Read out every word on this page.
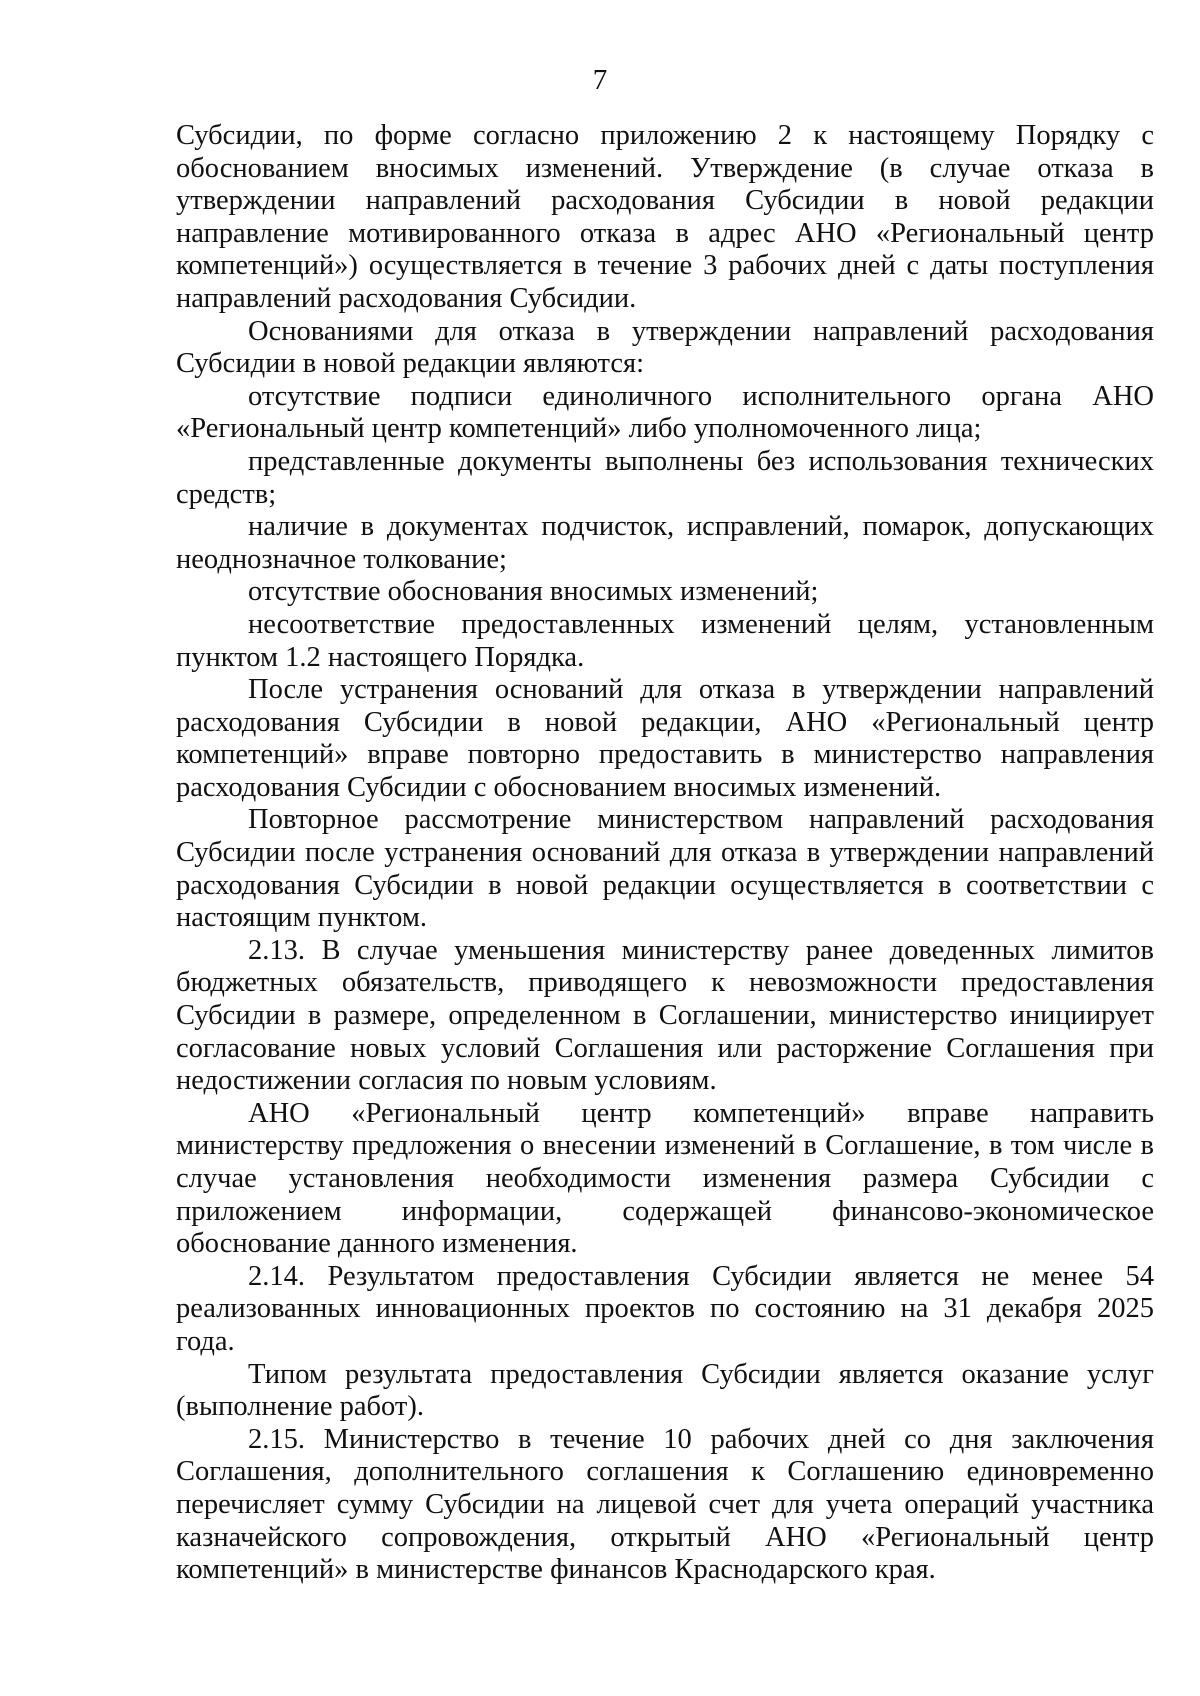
7

Субсидии, по форме согласно приложению 2 к настоящему Порядку с обоснованием вносимых изменений. Утверждение (в случае отказа в утверждении направлений расходования Субсидии в новой редакции направление мотивированного отказа в адрес АНО «Региональный центр компетенций») осуществляется в течение 3 рабочих дней с даты поступления направлений расходования Субсидии.

Основаниями для отказа в утверждении направлений расходования Субсидии в новой редакции являются:

отсутствие подписи единоличного исполнительного органа АНО «Региональный центр компетенций» либо уполномоченного лица;

представленные документы выполнены без использования технических средств;

наличие в документах подчисток, исправлений, помарок, допускающих неоднозначное толкование;

отсутствие обоснования вносимых изменений;

несоответствие предоставленных изменений целям, установленным пунктом 1.2 настоящего Порядка.

После устранения оснований для отказа в утверждении направлений расходования Субсидии в новой редакции, АНО «Региональный центр компетенций» вправе повторно предоставить в министерство направления расходования Субсидии с обоснованием вносимых изменений.

Повторное рассмотрение министерством направлений расходования Субсидии после устранения оснований для отказа в утверждении направлений расходования Субсидии в новой редакции осуществляется в соответствии с настоящим пунктом.

2.13. В случае уменьшения министерству ранее доведенных лимитов бюджетных обязательств, приводящего к невозможности предоставления Субсидии в размере, определенном в Соглашении, министерство инициирует согласование новых условий Соглашения или расторжение Соглашения при недостижении согласия по новым условиям.

АНО «Региональный центр компетенций» вправе направить министерству предложения о внесении изменений в Соглашение, в том числе в случае установления необходимости изменения размера Субсидии с приложением информации, содержащей финансово-экономическое обоснование данного изменения.

2.14. Результатом предоставления Субсидии является не менее 54 реализованных инновационных проектов по состоянию на 31 декабря 2025 года.

Типом результата предоставления Субсидии является оказание услуг (выполнение работ).

2.15. Министерство в течение 10 рабочих дней со дня заключения Соглашения, дополнительного соглашения к Соглашению единовременно перечисляет сумму Субсидии на лицевой счет для учета операций участника казначейского сопровождения, открытый АНО «Региональный центр компетенций» в министерстве финансов Краснодарского края.
